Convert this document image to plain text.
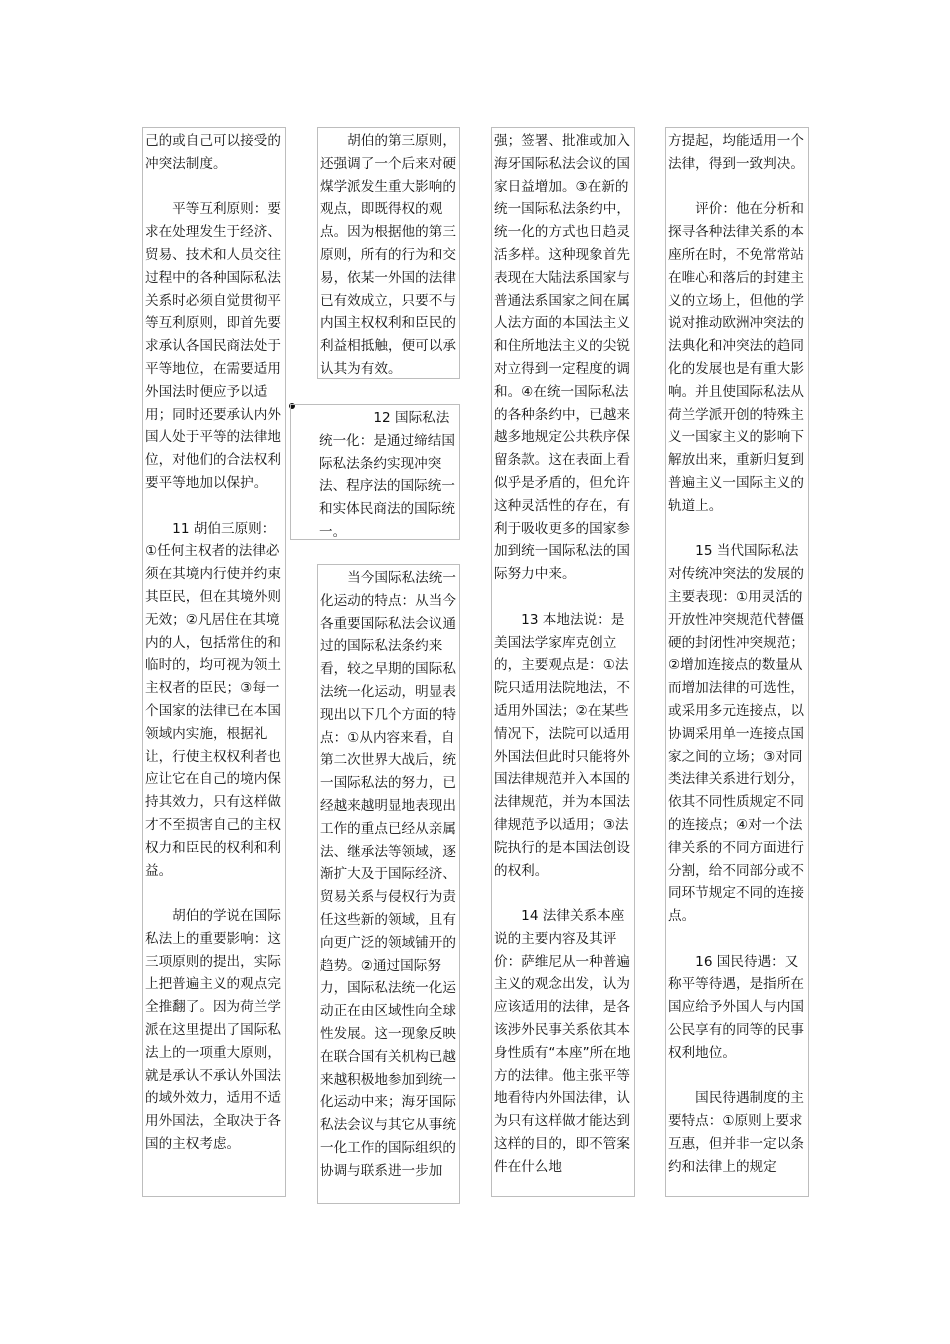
己的或自己可以接受的冲突法制度。

　　平等互利原则：要求在处理发生于经济、贸易、技术和人员交往过程中的各种国际私法关系时必须自觉贯彻平等互利原则，即首先要求承认各国民商法处于平等地位，在需要适用外国法时便应予以适用；同时还要承认内外国人处于平等的法律地位，对他们的合法权利要平等地加以保护。

　　11 胡伯三原则：①任何主权者的法律必须在其境内行使并约束其臣民，但在其境外则无效；②凡居住在其境内的人，包括常住的和临时的，均可视为领土主权者的臣民；③每一个国家的法律已在本国领域内实施，根据礼让，行使主权权利者也应让它在自己的境内保持其效力，只有这样做才不至损害自己的主权权力和臣民的权利和利益。

　　胡伯的学说在国际私法上的重要影响：这三项原则的提出，实际上把普遍主义的观点完全推翻了。因为荷兰学派在这里提出了国际私法上的一项重大原则，就是承认不承认外国法的域外效力，适用不适用外国法，全取决于各国的主权考虑。

　　胡伯的第三原则，还强调了一个后来对硬煤学派发生重大影响的观点，即既得权的观点。因为根据他的第三原则，所有的行为和交易，依某一外国的法律已有效成立，只要不与内国主权权利和臣民的利益相抵触，便可以承认其为有效。

　　　　12 国际私法统一化：是通过缔结国际私法条约实现冲突法、程序法的国际统一和实体民商法的国际统一。

　　当今国际私法统一化运动的特点：从当今各重要国际私法会议通过的国际私法条约来看，较之早期的国际私法统一化运动，明显表现出以下几个方面的特点：①从内容来看，自第二次世界大战后，统一国际私法的努力，已经越来越明显地表现出工作的重点已经从亲属法、继承法等领域，逐渐扩大及于国际经济、贸易关系与侵权行为责任这些新的领域，且有向更广泛的领域铺开的趋势。②通过国际努力，国际私法统一化运动正在由区域性向全球性发展。这一现象反映在联合国有关机构已越来越积极地参加到统一化运动中来；海牙国际私法会议与其它从事统一化工作的国际组织的协调与联系进一步加

强；签署、批准或加入海牙国际私法会议的国家日益增加。③在新的统一国际私法条约中，统一化的方式也日趋灵活多样。这种现象首先表现在大陆法系国家与普通法系国家之间在属人法方面的本国法主义和住所地法主义的尖锐对立得到一定程度的调和。④在统一国际私法的各种条约中，已越来越多地规定公共秩序保留条款。这在表面上看似乎是矛盾的，但允许这种灵活性的存在，有利于吸收更多的国家参加到统一国际私法的国际努力中来。

　　13 本地法说：是美国法学家库克创立的，主要观点是：①法院只适用法院地法，不适用外国法；②在某些情况下，法院可以适用外国法但此时只能将外国法律规范并入本国的法律规范，并为本国法律规范予以适用；③法院执行的是本国法创设的权利。

　　14 法律关系本座说的主要内容及其评价：萨维尼从一种普遍主义的观念出发，认为应该适用的法律，是各该涉外民事关系依其本身性质有“本座”所在地方的法律。他主张平等地看待内外国法律，认为只有这样做才能达到这样的目的，即不管案件在什么地

方提起，均能适用一个法律，得到一致判决。

　　评价：他在分析和探寻各种法律关系的本座所在时，不免常常站在唯心和落后的封建主义的立场上，但他的学说对推动欧洲冲突法的法典化和冲突法的趋同化的发展也是有重大影响。并且使国际私法从荷兰学派开创的特殊主义一国家主义的影响下解放出来，重新归复到普遍主义一国际主义的轨道上。

　　15 当代国际私法对传统冲突法的发展的主要表现：①用灵活的开放性冲突规范代替僵硬的封闭性冲突规范；②增加连接点的数量从而增加法律的可选性，或采用多元连接点，以协调采用单一连接点国家之间的立场；③对同类法律关系进行划分，依其不同性质规定不同的连接点；④对一个法律关系的不同方面进行分割，给不同部分或不同环节规定不同的连接点。

　　16 国民待遇：又称平等待遇，是指所在国应给予外国人与内国公民享有的同等的民事权利地位。

　　国民待遇制度的主要特点：①原则上要求互惠，但并非一定以条约和法律上的规定
